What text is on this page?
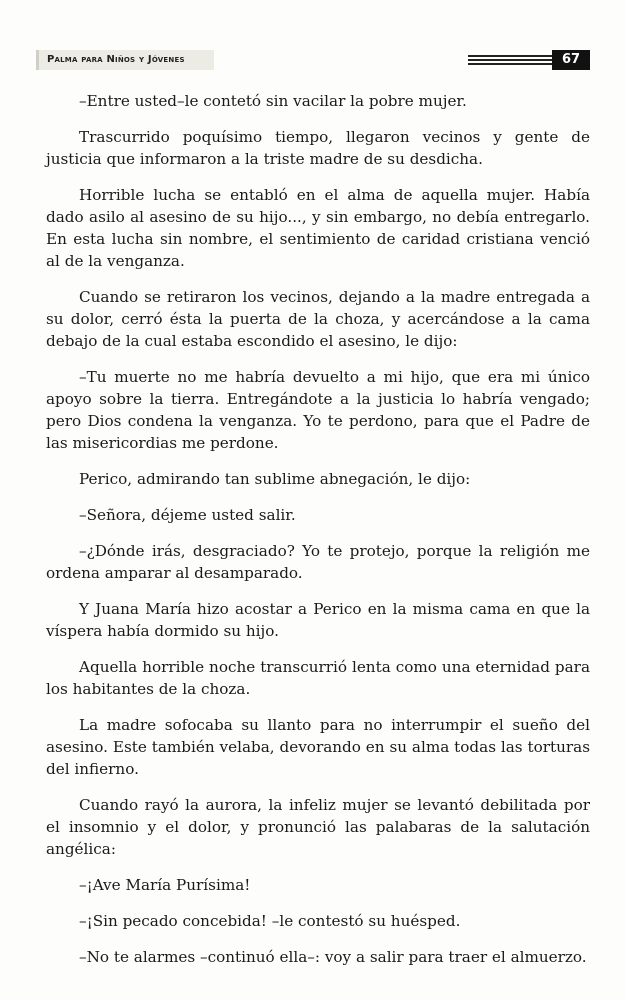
Palma para Niños y Jóvenes	67

–Entre usted–le contetó sin vacilar la pobre mujer.

Trascurrido poquísimo tiempo, llegaron vecinos y gente de justicia que informaron a la triste madre de su desdicha.

Horrible lucha se entabló en el alma de aquella mujer. Había dado asilo al asesino de su hijo..., y sin embargo, no debía entregarlo. En esta lucha sin nombre, el sentimiento de caridad cristiana venció al de la venganza.

Cuando se retiraron los vecinos, dejando a la madre entregada a su dolor, cerró ésta la puerta de la choza, y acercándose a la cama debajo de la cual estaba escondido el asesino, le dijo:

–Tu muerte no me habría devuelto a mi hijo, que era mi único apoyo sobre la tierra. Entregándote a la justicia lo habría vengado; pero Dios condena la venganza. Yo te perdono, para que el Padre de las misericordias me perdone.

Perico, admirando tan sublime abnegación, le dijo:

–Señora, déjeme usted salir.

–¿Dónde irás, desgraciado? Yo te protejo, porque la religión me ordena amparar al desamparado.

Y Juana María hizo acostar a Perico en la misma cama en que la víspera había dormido su hijo.

Aquella horrible noche transcurrió lenta como una eternidad para los habitantes de la choza.

La madre sofocaba su llanto para no interrumpir el sueño del asesino. Este también velaba, devorando en su alma todas las torturas del infierno.

Cuando rayó la aurora, la infeliz mujer se levantó debilitada por el insomnio y el dolor, y pronunció las palabaras de la salutación angélica:

–¡Ave María Purísima!

–¡Sin pecado concebida! –le contestó su huésped.

–No te alarmes –continuó ella–: voy a salir para traer el almuerzo.
